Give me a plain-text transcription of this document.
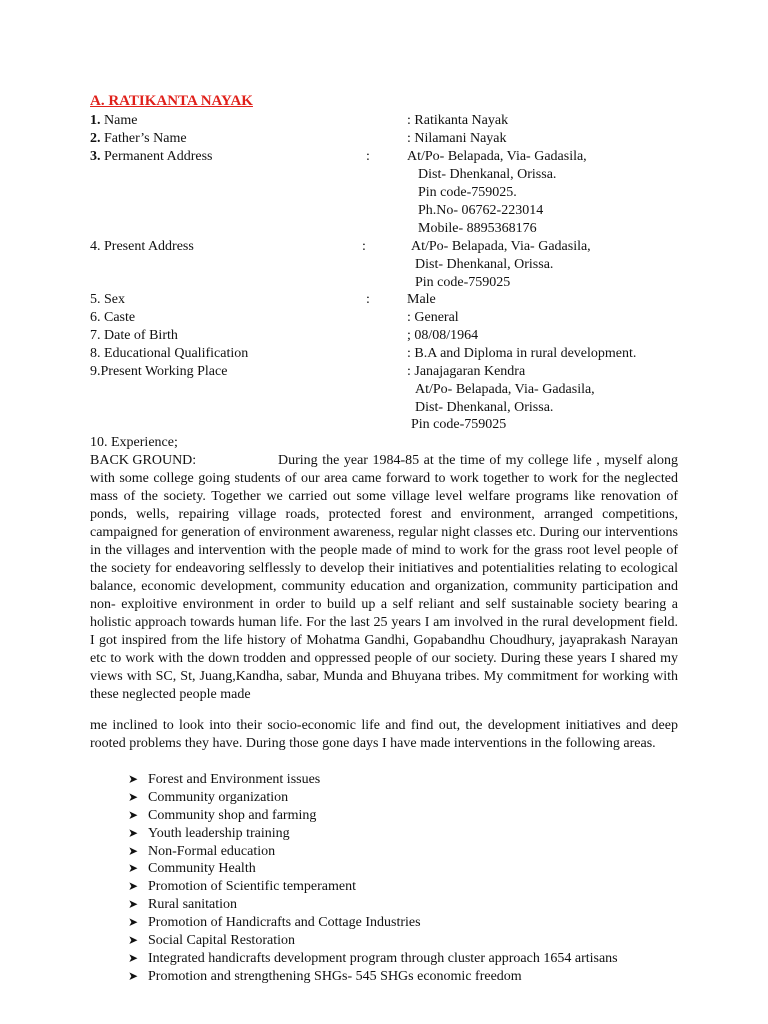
A. RATIKANTA NAYAK
1. Name	: Ratikanta Nayak
2. Father’s Name	: Nilamani Nayak
3. Permanent Address	:	At/Po- Belapada, Via- Gadasila,
Dist- Dhenkanal, Orissa.
Pin code-759025.
Ph.No- 06762-223014
Mobile- 8895368176
4. Present Address	:	At/Po- Belapada, Via- Gadasila,
Dist- Dhenkanal, Orissa.
Pin code-759025
5. Sex	:	Male
6. Caste	: General
7. Date of Birth	; 08/08/1964
8. Educational Qualification	: B.A and Diploma in rural development.
9.Present Working Place	: Janajagaran Kendra
At/Po- Belapada, Via- Gadasila,
Dist- Dhenkanal, Orissa.
Pin code-759025
10. Experience;

BACK GROUND:	During the year 1984-85 at the time of my college life , myself along with some college going students of our area came forward to work together to work for the neglected mass of the society. Together we carried out some village level welfare programs like renovation of ponds, wells, repairing village roads, protected forest and environment, arranged competitions, campaigned for generation of environment awareness, regular night classes etc. During our interventions in the villages and intervention with the people made of mind to work for the grass root level people of the society for endeavoring selflessly to develop their initiatives and potentialities relating to ecological balance, economic development, community education and organization, community participation and non- exploitive environment in order to build up a self reliant and self sustainable society bearing a holistic approach towards human life. For the last 25 years I am involved in the rural development field. I got inspired from the life history of Mohatma Gandhi, Gopabandhu Choudhury, jayaprakash Narayan etc to work with the down trodden and oppressed people of our society. During these years I shared my views with SC, St, Juang,Kandha, sabar, Munda and Bhuyana tribes. My commitment for working with these neglected people made

me inclined to look into their socio-economic life and find out, the development initiatives and deep rooted problems they have. During those gone days I have made interventions in the following areas.

➤ Forest and Environment issues
➤ Community organization
➤ Community shop and farming
➤ Youth leadership training
➤ Non-Formal education
➤ Community Health
➤ Promotion of Scientific temperament
➤ Rural sanitation
➤ Promotion of Handicrafts and Cottage Industries
➤ Social Capital Restoration
➤ Integrated handicrafts development program through cluster approach 1654 artisans
➤ Promotion and strengthening SHGs- 545 SHGs economic freedom
